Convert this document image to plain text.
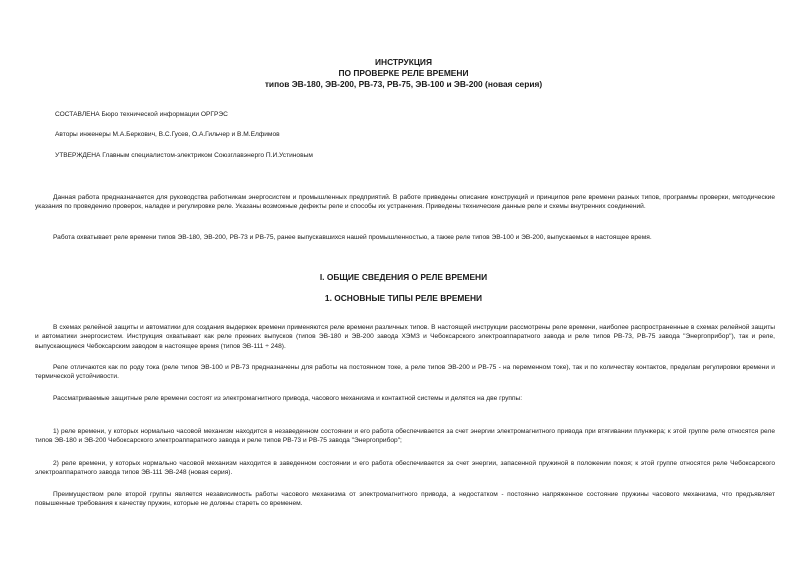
ИНСТРУКЦИЯ

ПО ПРОВЕРКЕ РЕЛЕ ВРЕМЕНИ

типов ЭВ-180, ЭВ-200, РВ-73, РВ-75, ЭВ-100 и ЭВ-200 (новая серия)

СОСТАВЛЕНА Бюро технической информации ОРГРЭС

Авторы инженеры М.А.Беркович, В.С.Гусев, О.А.Гильчер и В.М.Елфимов

УТВЕРЖДЕНА Главным специалистом-электриком Союзглавэнерго П.И.Устиновым

Данная работа предназначается для руководства работникам энергосистем и промышленных предприятий. В работе приведены описание конструкций и принципов реле времени разных типов, программы проверки, методические указания по проведению проверок, наладке и регулировке реле. Указаны возможные дефекты реле и способы их устранения. Приведены технические данные реле и схемы внутренних соединений.

Работа охватывает реле времени типов ЭВ-180, ЭВ-200, РВ-73 и РВ-75, ранее выпускавшихся нашей промышленностью, а также реле типов ЭВ-100 и ЭВ-200, выпускаемых в настоящее время.

I. ОБЩИЕ СВЕДЕНИЯ О РЕЛЕ ВРЕМЕНИ

1. ОСНОВНЫЕ ТИПЫ РЕЛЕ ВРЕМЕНИ

В схемах релейной защиты и автоматики для создания выдержек времени применяются реле времени различных типов. В настоящей инструкции рассмотрены реле времени, наиболее распространенные в схемах релейной защиты и автоматики энергосистем. Инструкция охватывает как реле прежних выпусков (типов ЭВ-180 и ЭВ-200 завода ХЭМЗ и Чебоксарского электроаппаратного завода и реле типов РВ-73, РВ-75 завода "Энергоприбор"), так и реле, выпускающиеся Чебоксарским заводом в настоящее время (типов ЭВ-111 ÷ 248).

Реле отличаются как по роду тока (реле типов ЭВ-100 и РВ-73 предназначены для работы на постоянном токе, а реле типов ЭВ-200 и РВ-75 - на переменном токе), так и по количеству контактов, пределам регулировки времени и термической устойчивости.

Рассматриваемые защитные реле времени состоят из электромагнитного привода, часового механизма и контактной системы и делятся на две группы:

1) реле времени, у которых нормально часовой механизм находится в незаведенном состоянии и его работа обеспечивается за счет энергии электромагнитного привода при втягивании плунжера; к этой группе реле относятся реле типов ЭВ-180 и ЭВ-200 Чебоксарского электроаппаратного завода и реле типов РВ-73 и РВ-75 завода "Энергоприбор";

2) реле времени, у которых нормально часовой механизм находится в заведенном состоянии и его работа обеспечивается за счет энергии, запасенной пружиной в положении покоя; к этой группе относятся реле Чебоксарского электроаппаратного завода типов ЭВ-111 ЭВ-248 (новая серия).

Преимуществом реле второй группы является независимость работы часового механизма от электромагнитного привода, а недостатком - постоянно напряженное состояние пружины часового механизма, что предъявляет повышенные требования к качеству пружин, которые не должны стареть со временем.
